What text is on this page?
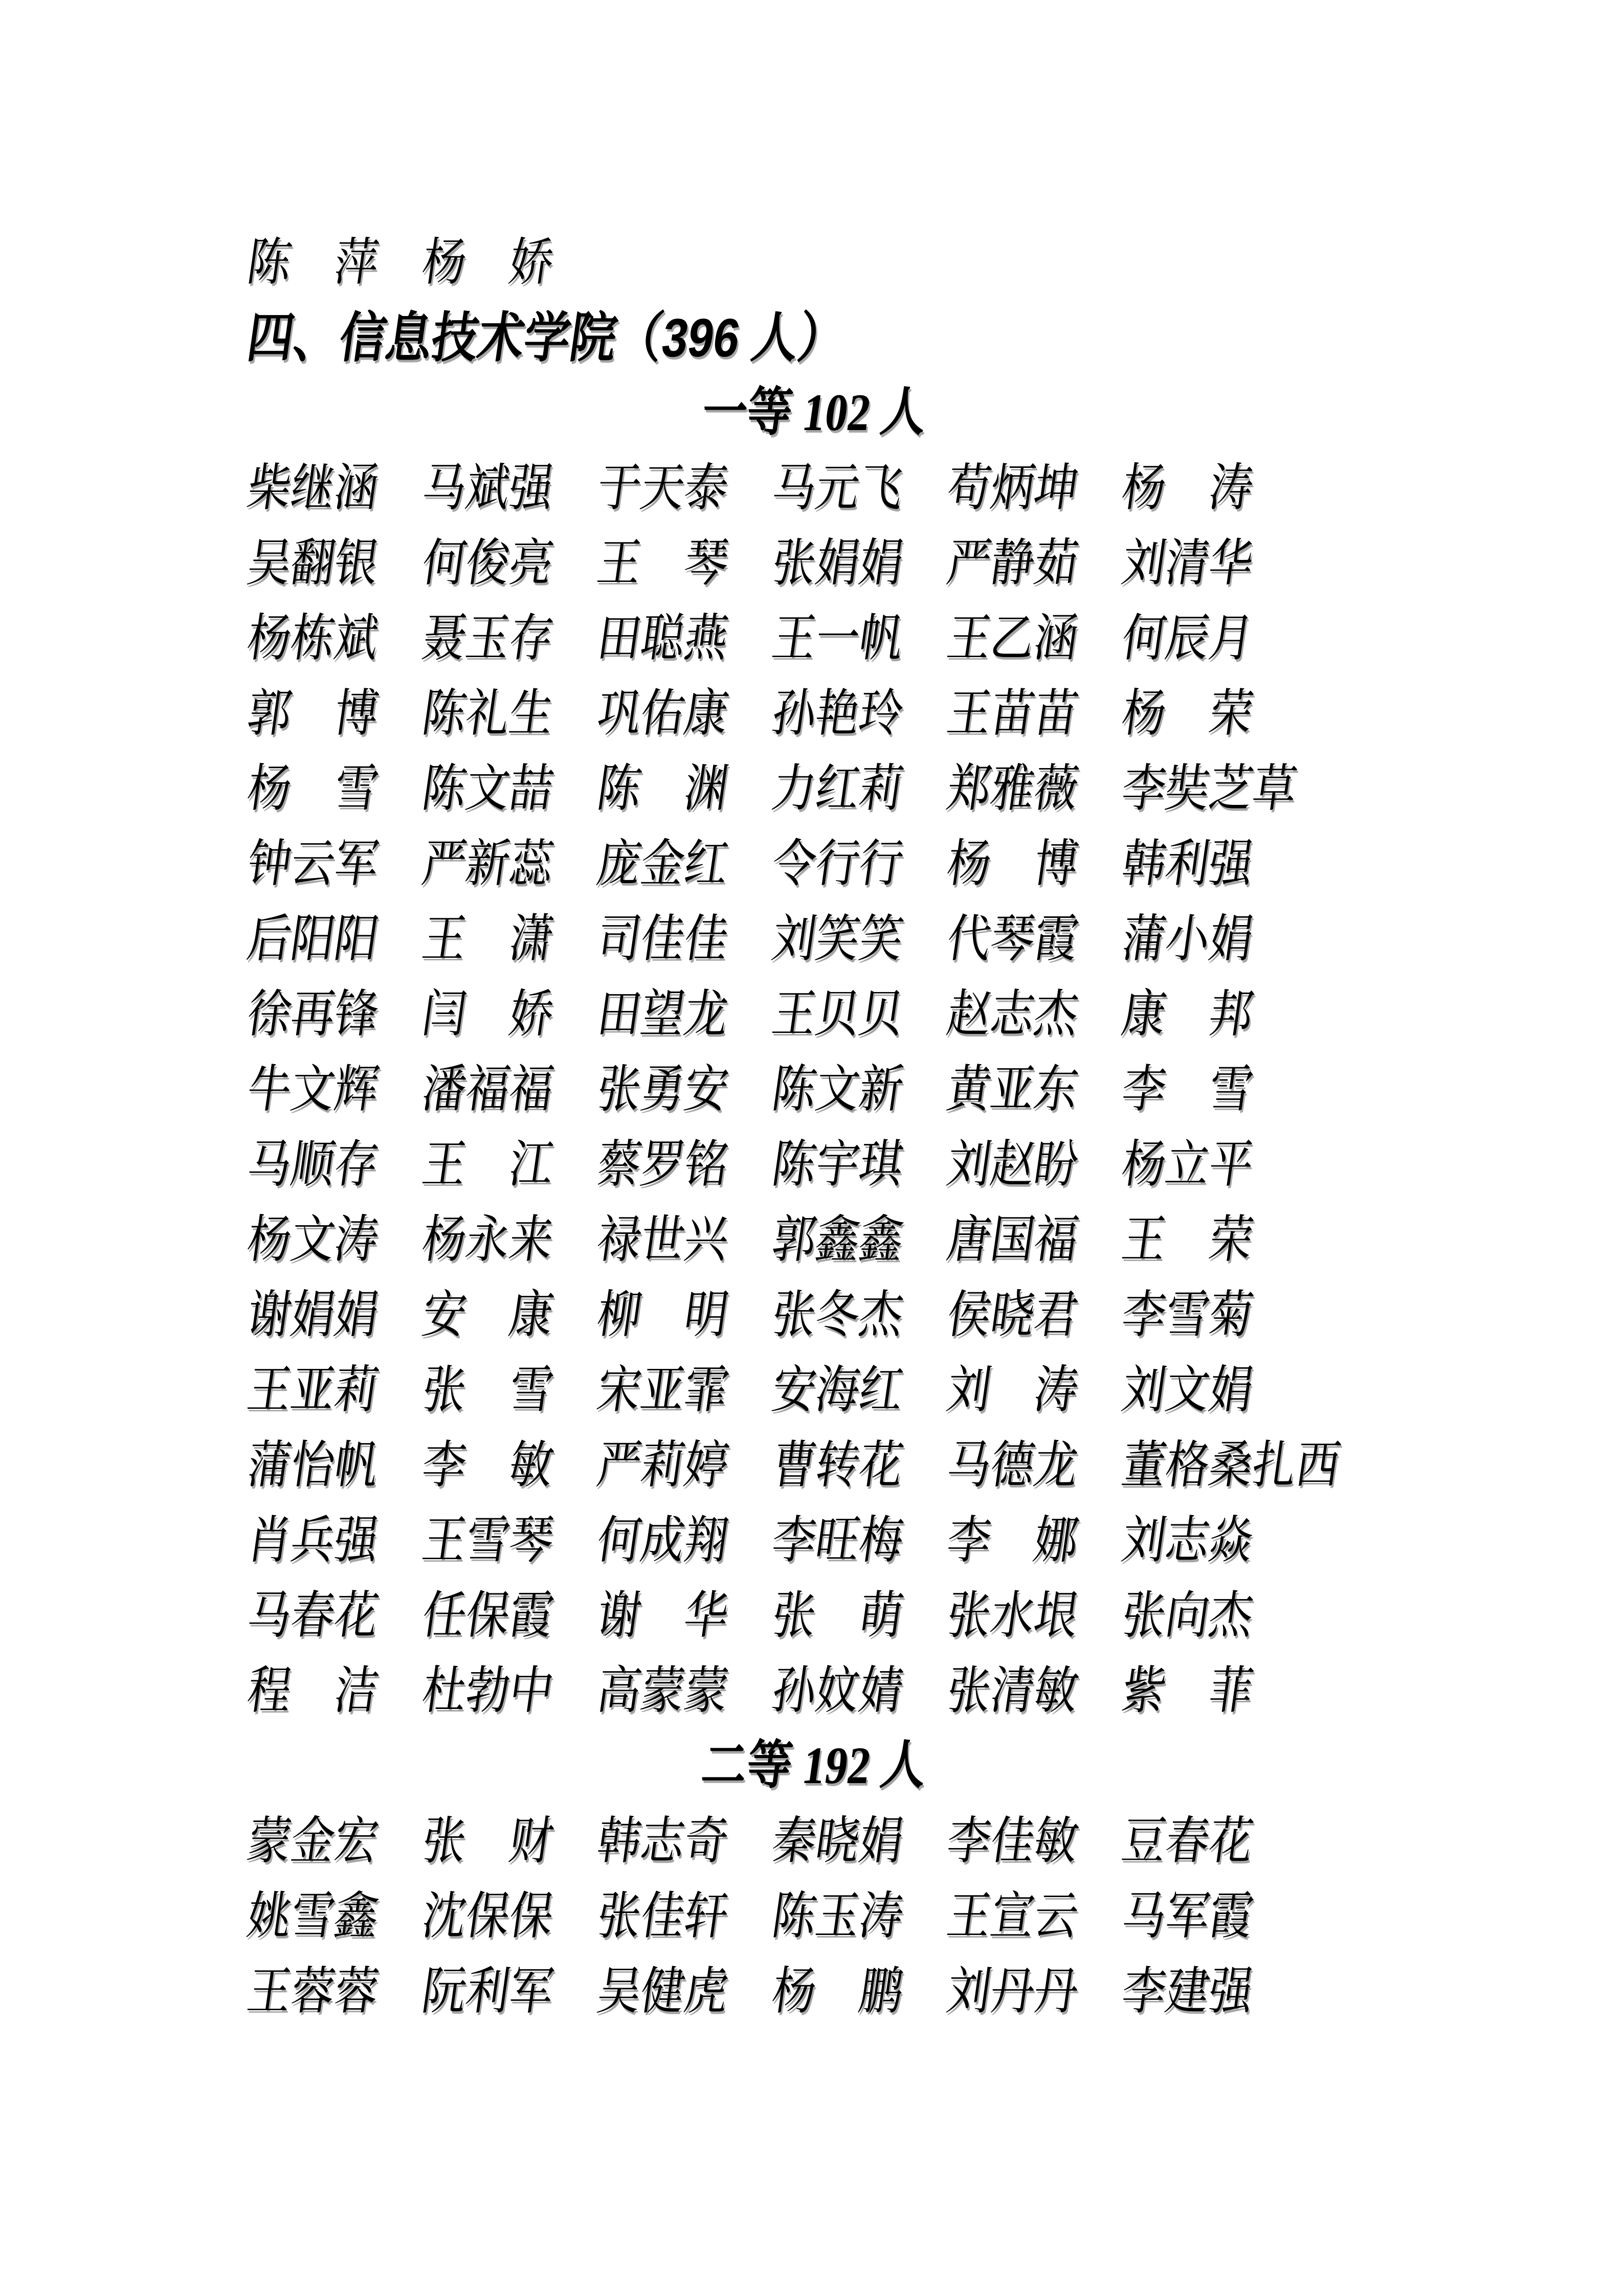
陈 萍 杨 娇
四、信息技术学院（396 人）
一等 102 人
柴继涵 马斌强 于天泰 马元飞 苟炳坤 杨 涛
吴翻银 何俊亮 王 琴 张娟娟 严静茹 刘清华
杨栋斌 聂玉存 田聪燕 王一帆 王乙涵 何辰月
郭 博 陈礼生 巩佑康 孙艳玲 王苗苗 杨 荣
杨 雪 陈文喆 陈 渊 力红莉 郑雅薇 李奘芝草
钟云军 严新蕊 庞金红 令行行 杨 博 韩利强
后阳阳 王 潇 司佳佳 刘笑笑 代琴霞 蒲小娟
徐再锋 闫 娇 田望龙 王贝贝 赵志杰 康 邦
牛文辉 潘福福 张勇安 陈文新 黄亚东 李 雪
马顺存 王 江 蔡罗铭 陈宇琪 刘赵盼 杨立平
杨文涛 杨永来 禄世兴 郭鑫鑫 唐国福 王 荣
谢娟娟 安 康 柳 明 张冬杰 侯晓君 李雪菊
王亚莉 张 雪 宋亚霏 安海红 刘 涛 刘文娟
蒲怡帆 李 敏 严莉婷 曹转花 马德龙 董格桑扎西
肖兵强 王雪琴 何成翔 李旺梅 李 娜 刘志焱
马春花 任保霞 谢 华 张 萌 张水垠 张向杰
程 洁 杜勃中 高蒙蒙 孙妏婧 张清敏 紫 菲
二等 192 人
蒙金宏 张 财 韩志奇 秦晓娟 李佳敏 豆春花
姚雪鑫 沈保保 张佳轩 陈玉涛 王宣云 马军霞
王蓉蓉 阮利军 吴健虎 杨 鹏 刘丹丹 李建强
